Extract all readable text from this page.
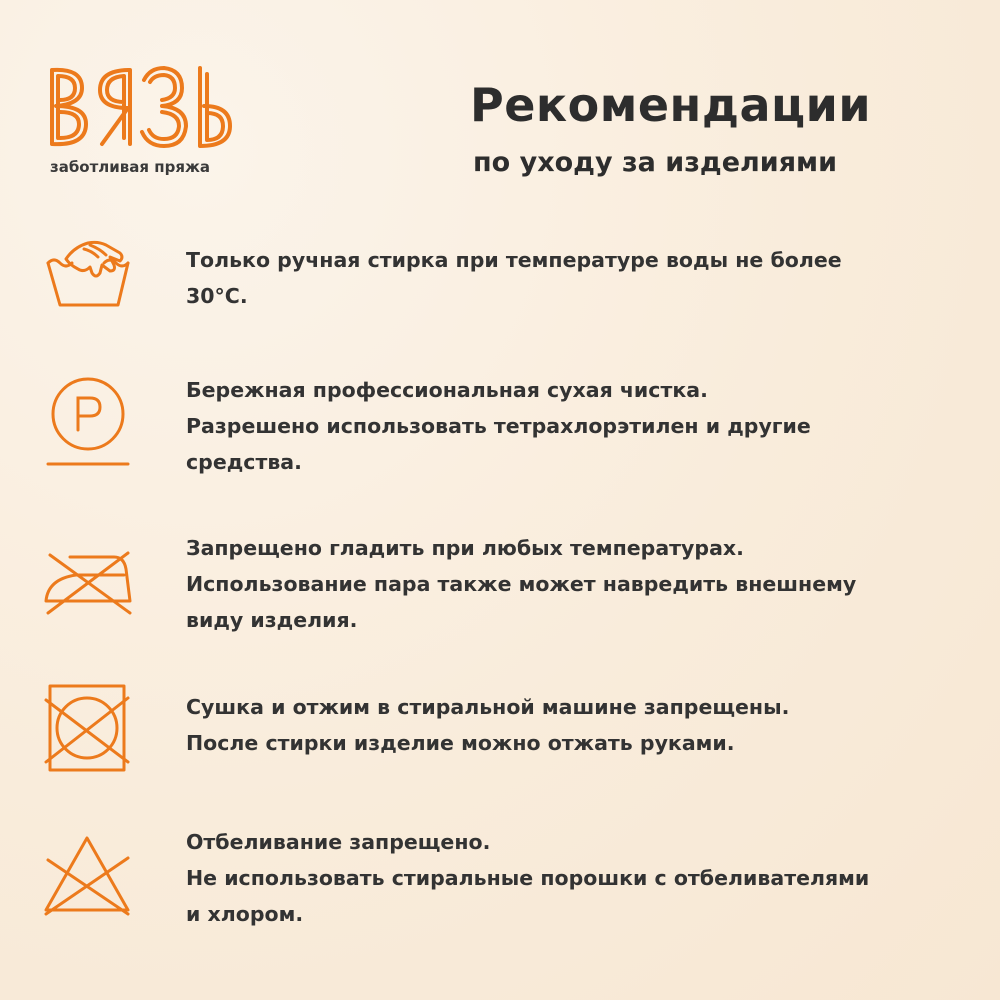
заботливая пряжа
Рекомендации
по уходу за изделиями
Только ручная стирка при температуре воды не более
30°С.
Бережная профессиональная сухая чистка.
Разрешено использовать тетрахлорэтилен и другие
средства.
Запрещено гладить при любых температурах.
Использование пара также может навредить внешнему
виду изделия.
Сушка и отжим в стиральной машине запрещены.
После стирки изделие можно отжать руками.
Отбеливание запрещено.
Не использовать стиральные порошки с отбеливателями
и хлором.
